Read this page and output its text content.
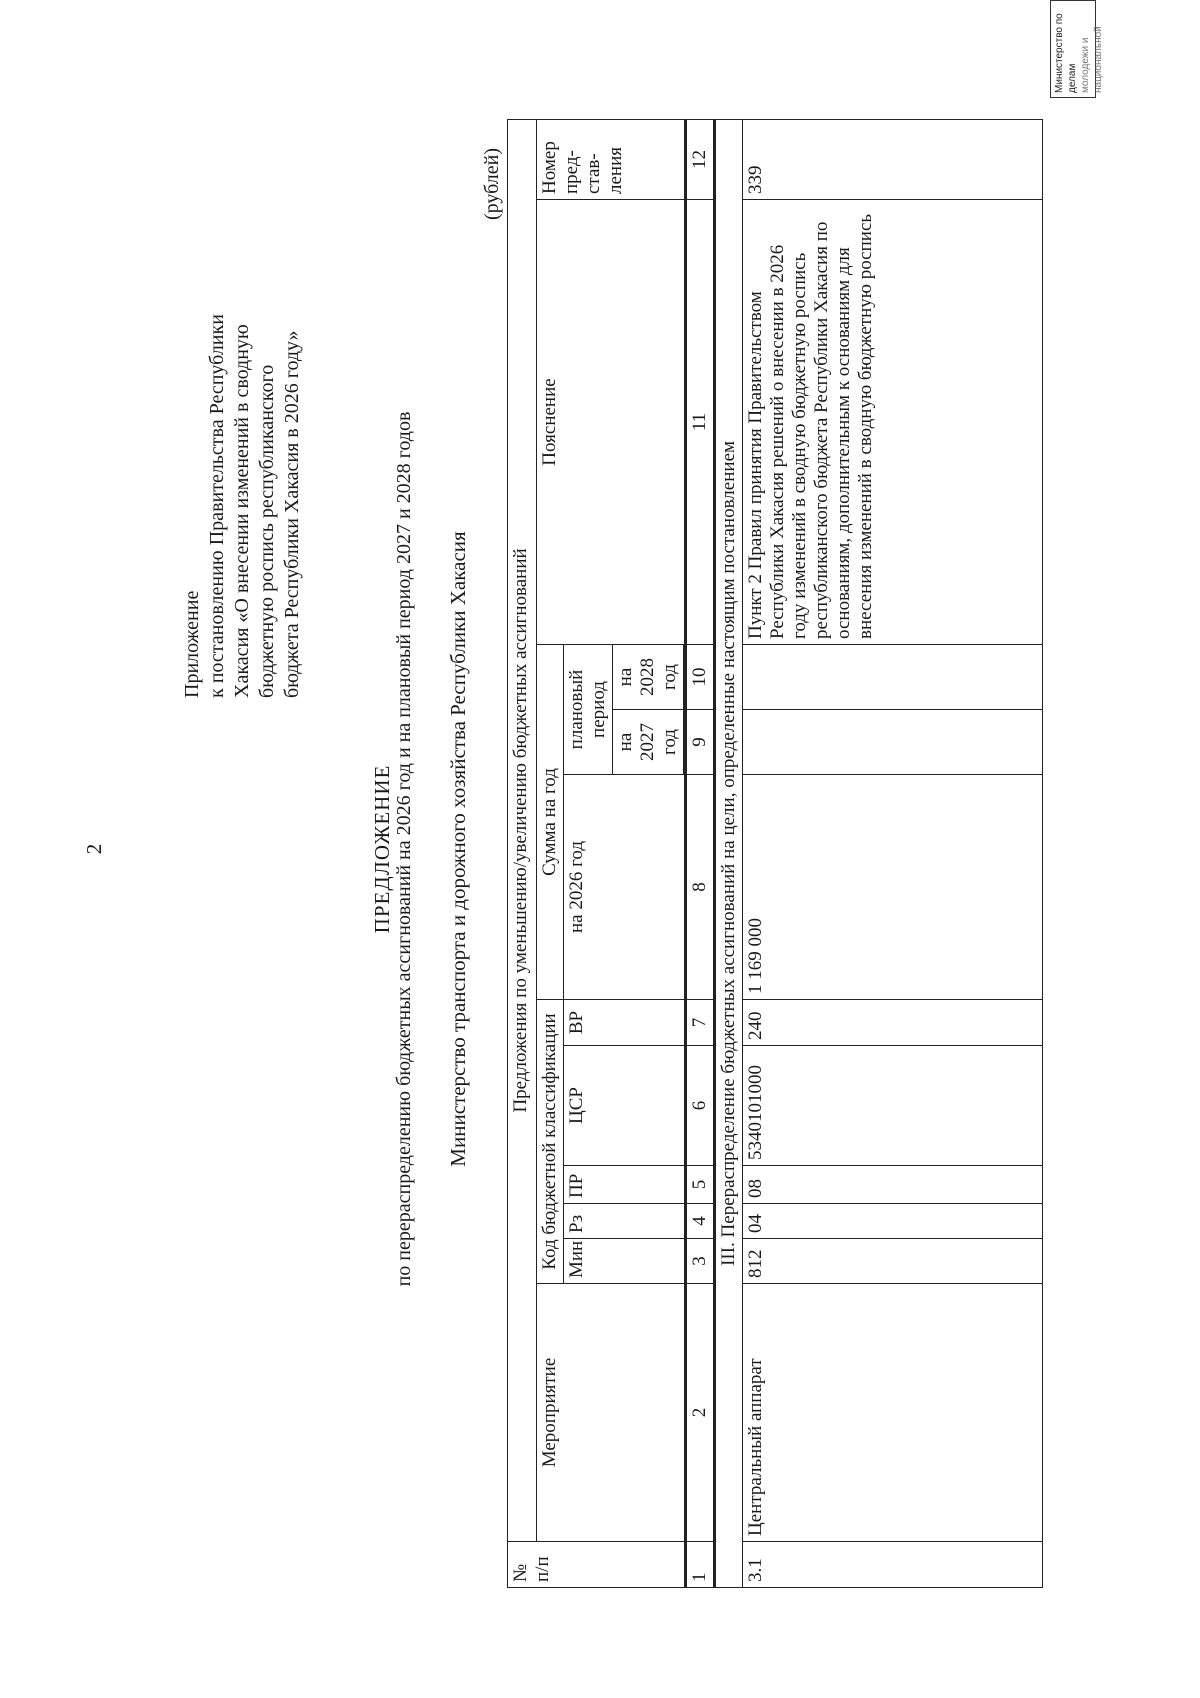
2
Приложение к постановлению Правительства Республики Хакасия «О внесении изменений в сводную бюджетную роспись республиканского бюджета Республики Хакасия в 2026 году»
ПРЕДЛОЖЕНИЕ по перераспределению бюджетных ассигнований на 2026 год и на плановый период 2027 и 2028 годов Министерство транспорта и дорожного хозяйства Республики Хакасия
(рублей)
№ п/п	Предложения по уменьшению/увеличению бюджетных ассигнований										
	Мероприятие	Код бюджетной классификации					Сумма на год			Пояснение	Номер пред-став-ления
		Мин	Рз	ПР	ЦСР	ВР	на 2026 год	плановый период			
								на 2027 год	на 2028 год		

1	2	3	4	5	6	7	8	9	10	11	12
III. Перераспределение бюджетных ассигнований на цели, определенные настоящим постановлением											
3.1	Центральный аппарат	812	04	08	5340101000	240	1 169 000			Пункт 2 Правил принятия Правительством Республики Хакасия решений о внесении в 2026 году изменений в сводную бюджетную роспись республиканского бюджета Республики Хакасия по основаниям, дополнительным к основаниям для внесения изменений в сводную бюджетную роспись	339
Министерство по делам молодежи и национальной
